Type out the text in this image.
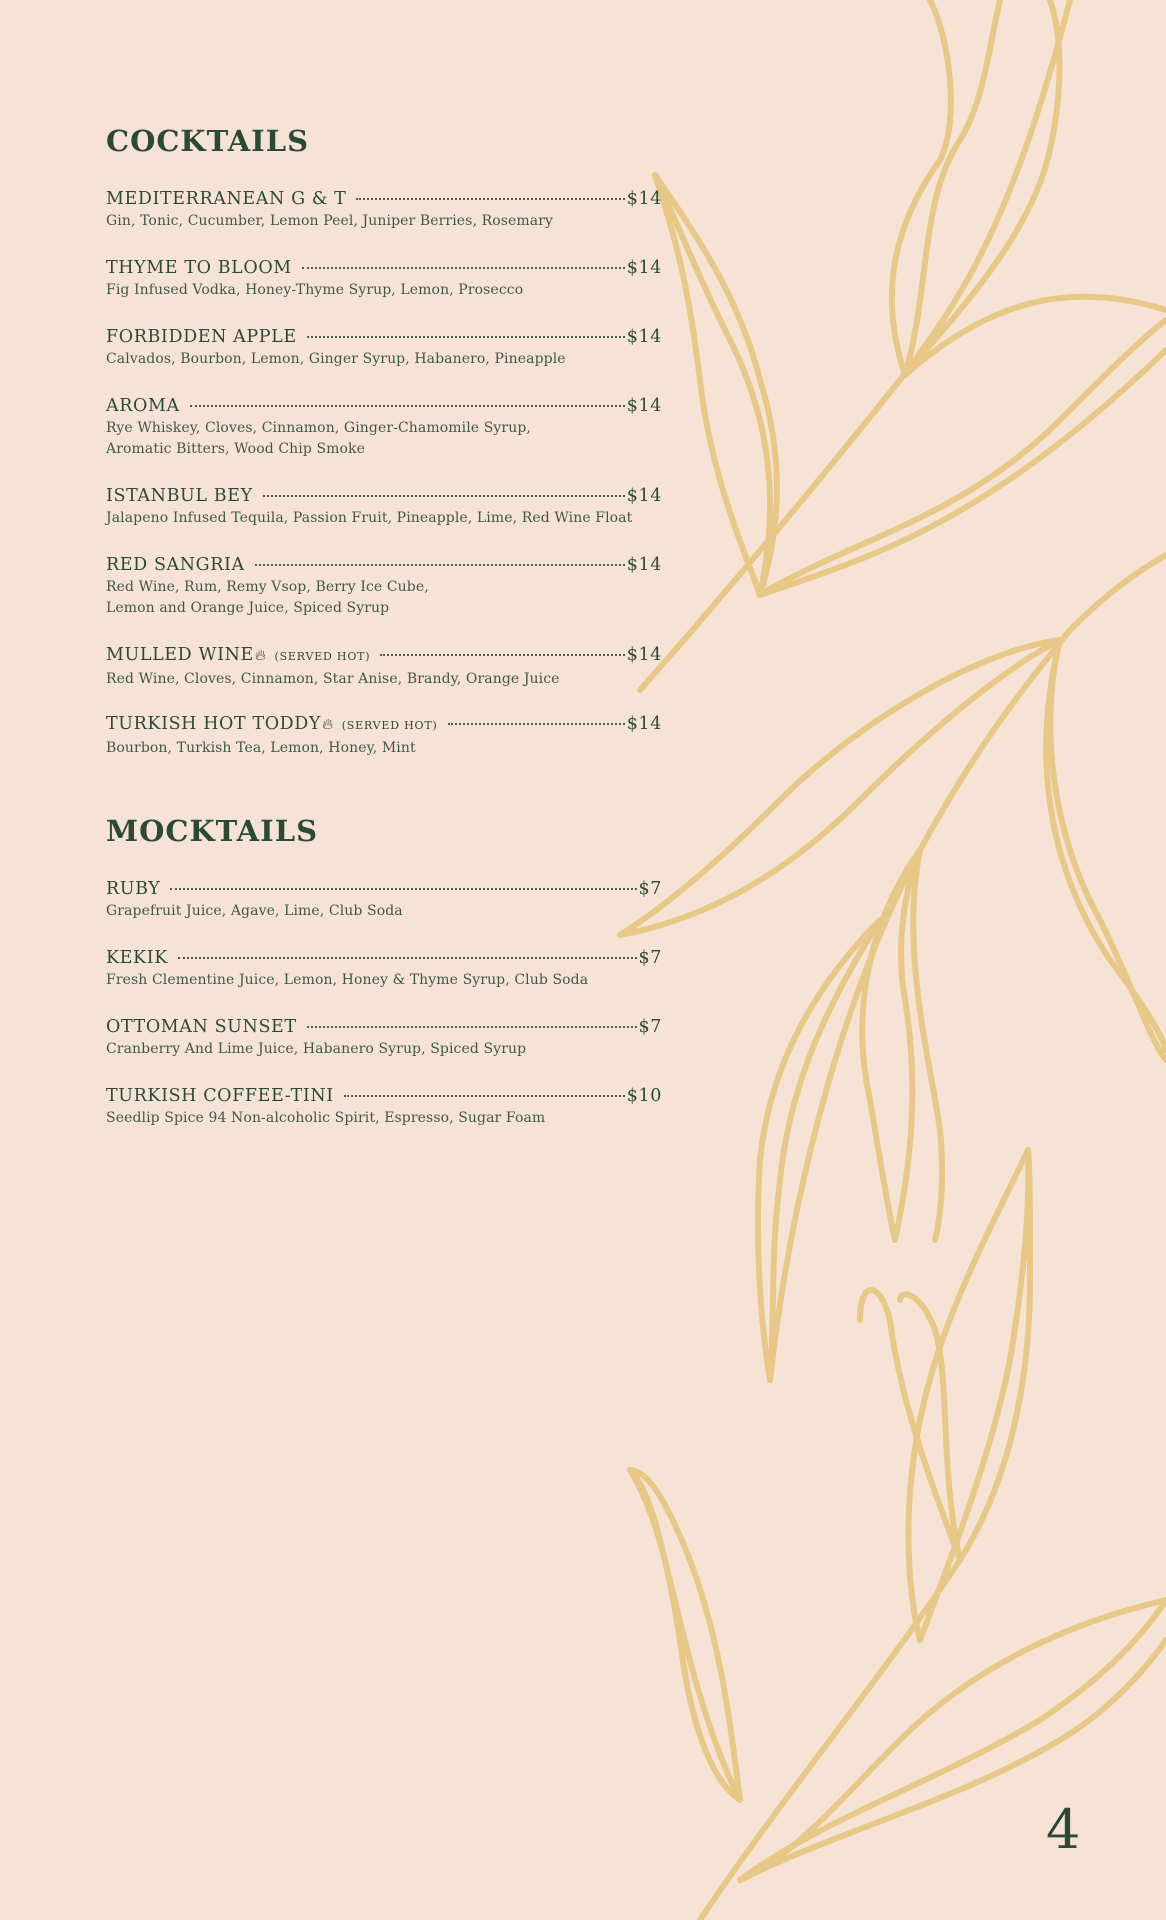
COCKTAILS
MEDITERRANEAN G & T	$14
Gin, Tonic, Cucumber, Lemon Peel, Juniper Berries, Rosemary
THYME TO BLOOM	$14
Fig Infused Vodka, Honey-Thyme Syrup, Lemon, Prosecco
FORBIDDEN APPLE	$14
Calvados, Bourbon, Lemon, Ginger Syrup, Habanero, Pineapple
AROMA	$14
Rye Whiskey, Cloves, Cinnamon, Ginger-Chamomile Syrup,
Aromatic Bitters, Wood Chip Smoke
ISTANBUL BEY	$14
Jalapeno Infused Tequila, Passion Fruit, Pineapple, Lime, Red Wine Float
RED SANGRIA	$14
Red Wine, Rum, Remy Vsop, Berry Ice Cube,
Lemon and Orange Juice, Spiced Syrup
MULLED WINE 🔥︎ (SERVED HOT)	$14
Red Wine, Cloves, Cinnamon, Star Anise, Brandy, Orange Juice
TURKISH HOT TODDY 🔥︎ (SERVED HOT)	$14
Bourbon, Turkish Tea, Lemon, Honey, Mint
MOCKTAILS
RUBY	$7
Grapefruit Juice, Agave, Lime, Club Soda
KEKIK	$7
Fresh Clementine Juice, Lemon, Honey & Thyme Syrup, Club Soda
OTTOMAN SUNSET	$7
Cranberry And Lime Juice, Habanero Syrup, Spiced Syrup
TURKISH COFFEE-TINI	$10
Seedlip Spice 94 Non-alcoholic Spirit, Espresso, Sugar Foam
4
